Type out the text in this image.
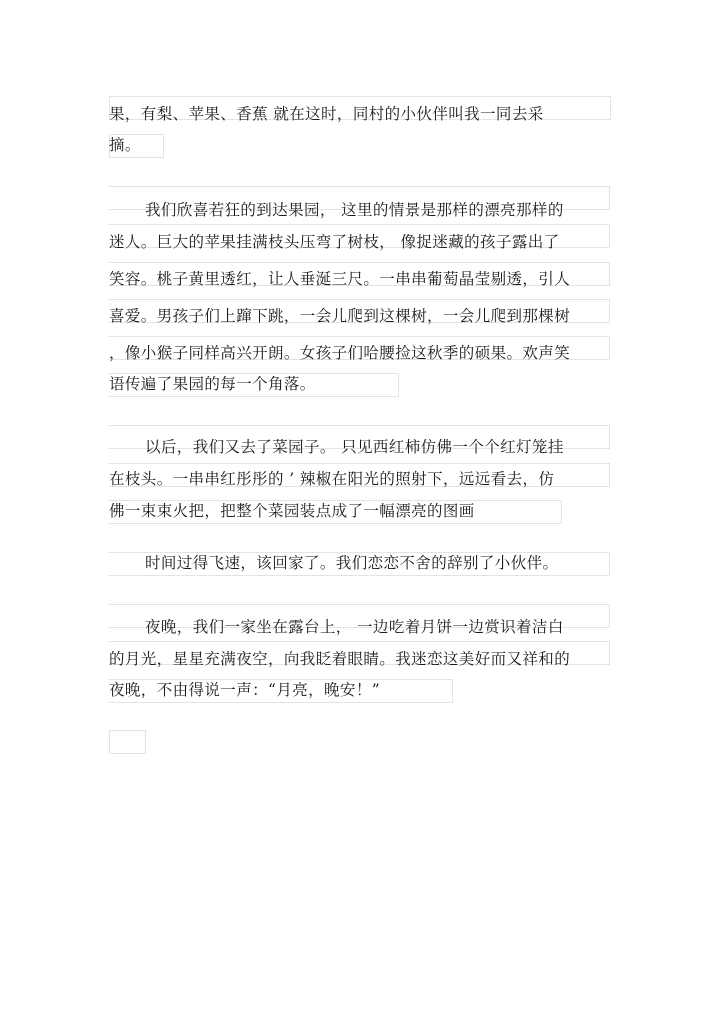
果，有梨、苹果、香蕉 就在这时，同村的小伙伴叫我一同去采
摘。
我们欣喜若狂的到达果园， 这里的情景是那样的漂亮那样的
迷人。巨大的苹果挂满枝头压弯了树枝， 像捉迷藏的孩子露出了
笑容。桃子黄里透红，让人垂涎三尺。一串串葡萄晶莹剔透，引人
喜爱。男孩子们上蹿下跳，一会儿爬到这棵树，一会儿爬到那棵树
，像小猴子同样高兴开朗。女孩子们哈腰捡这秋季的硕果。欢声笑
语传遍了果园的每一个角落。
以后，我们又去了菜园子。 只见西红柿仿佛一个个红灯笼挂
在枝头。一串串红彤彤的 ’ 辣椒在阳光的照射下，远远看去，仿
佛一束束火把，把整个菜园装点成了一幅漂亮的图画
时间过得飞速，该回家了。我们恋恋不舍的辞别了小伙伴。
夜晚，我们一家坐在露台上， 一边吃着月饼一边赏识着洁白
的月光，星星充满夜空，向我眨着眼睛。我迷恋这美好而又祥和的
夜晚，不由得说一声：“月亮，晚安！”
